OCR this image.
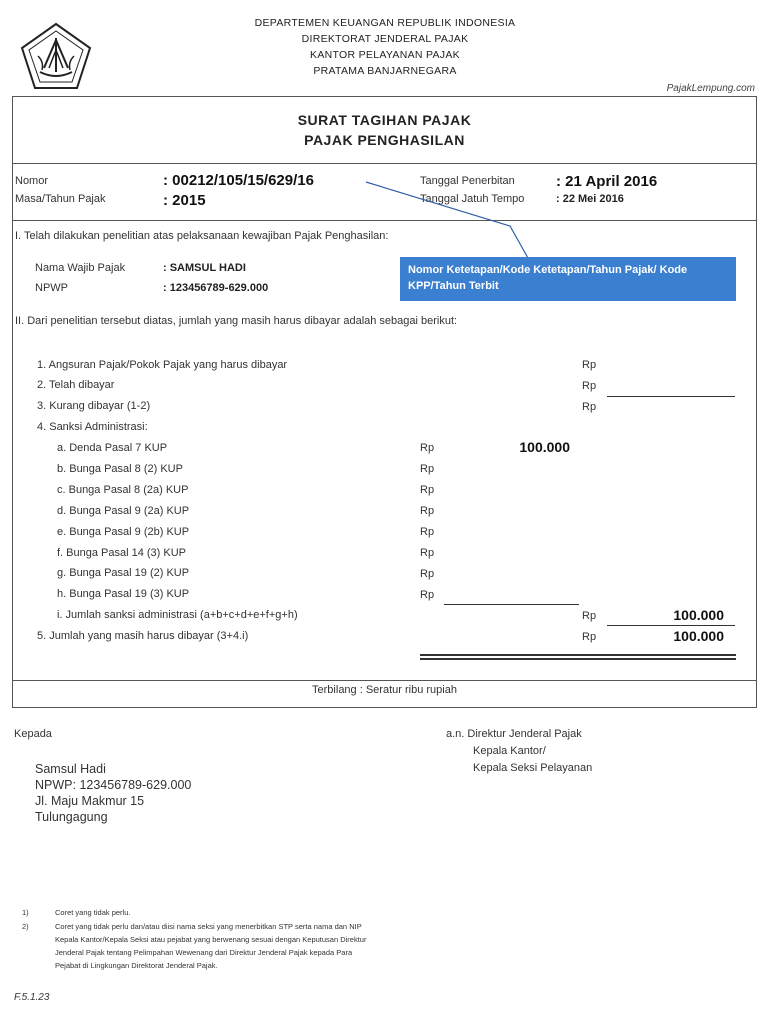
DEPARTEMEN KEUANGAN REPUBLIK INDONESIA
DIREKTORAT JENDERAL PAJAK
KANTOR PELAYANAN PAJAK
PRATAMA BANJARNEGARA
PajakLempung.com
SURAT TAGIHAN PAJAK
PAJAK PENGHASILAN
Nomor	: 00212/105/15/629/16
Masa/Tahun Pajak	: 2015
Tanggal Penerbitan	: 21 April 2016
Tanggal Jatuh Tempo	: 22 Mei 2016
I. Telah dilakukan penelitian atas pelaksanaan kewajiban Pajak Penghasilan:
Nama Wajib Pajak	: SAMSUL HADI
NPWP	: 123456789-629.000
Nomor Ketetapan/Kode Ketetapan/Tahun Pajak/ Kode KPP/Tahun Terbit
II. Dari penelitian tersebut diatas, jumlah yang masih harus dibayar adalah sebagai berikut:
1. Angsuran Pajak/Pokok Pajak yang harus dibayar	Rp
2. Telah dibayar	Rp
3. Kurang dibayar (1-2)	Rp
4. Sanksi Administrasi:
a. Denda Pasal 7 KUP	Rp	100.000
b. Bunga Pasal 8 (2) KUP	Rp
c. Bunga Pasal 8 (2a) KUP	Rp
d. Bunga Pasal 9 (2a) KUP	Rp
e. Bunga Pasal 9 (2b) KUP	Rp
f. Bunga Pasal 14 (3) KUP	Rp
g. Bunga Pasal 19 (2) KUP	Rp
h. Bunga Pasal 19 (3) KUP	Rp
i. Jumlah sanksi administrasi (a+b+c+d+e+f+g+h)	Rp	100.000
5. Jumlah yang masih harus dibayar (3+4.i)	Rp	100.000
Terbilang : Seratur ribu rupiah
Kepada
Samsul Hadi
NPWP: 123456789-629.000
Jl. Maju Makmur 15
Tulungagung
a.n. Direktur Jenderal Pajak
Kepala Kantor/
Kepala Seksi Pelayanan
1)	Coret yang tidak perlu.
2)	Coret yang tidak perlu dan/atau diisi nama seksi yang menerbitkan STP serta nama dan NIP
Kepala Kantor/Kepala Seksi atau pejabat yang berwenang sesuai dengan Keputusan Direktur
Jenderal Pajak tentang Pelimpahan Wewenang dari Direktur Jenderal Pajak kepada Para
Pejabat di Lingkungan Direktorat Jenderal Pajak.
F.5.1.23
